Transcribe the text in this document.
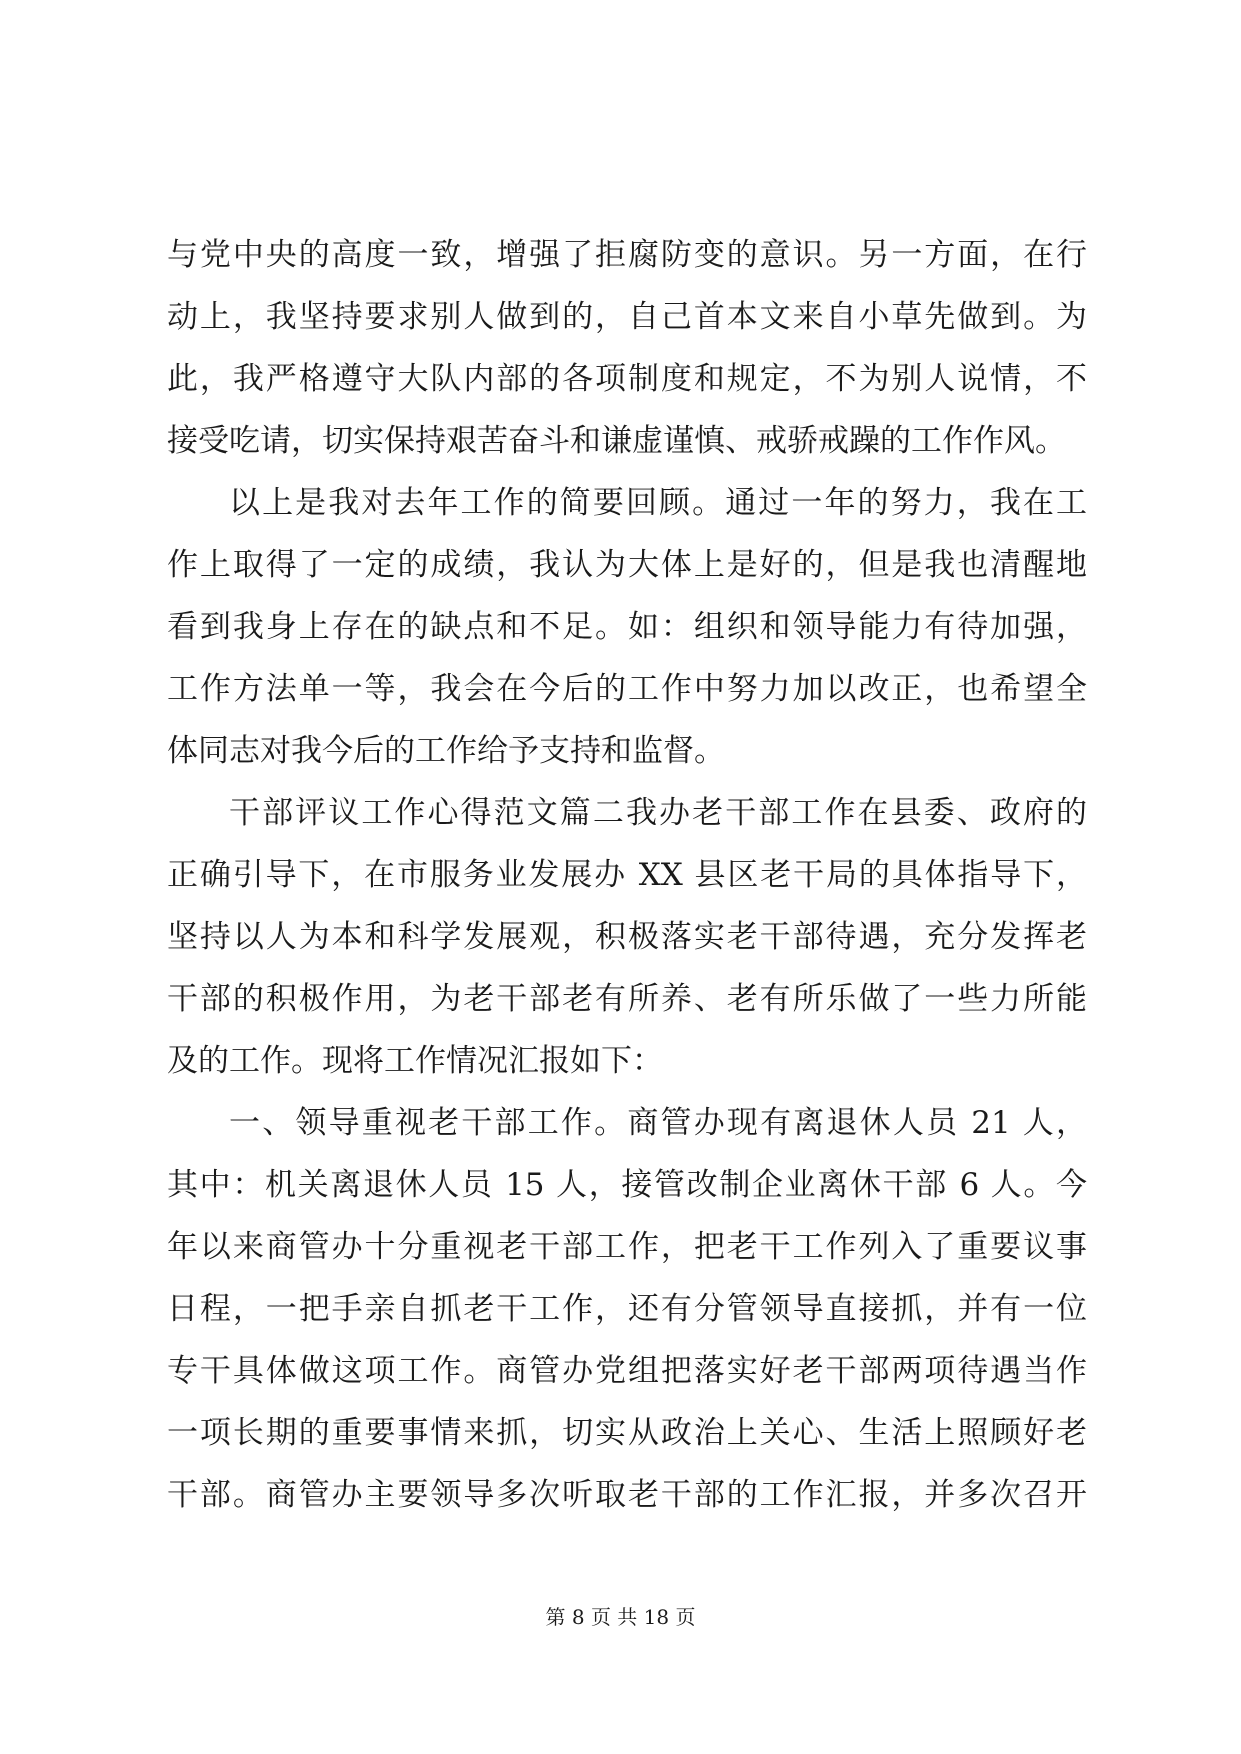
与党中央的高度一致，增强了拒腐防变的意识。另一方面，在行
动上，我坚持要求别人做到的，自己首本文来自小草先做到。为
此，我严格遵守大队内部的各项制度和规定，不为别人说情，不
接受吃请，切实保持艰苦奋斗和谦虚谨慎、戒骄戒躁的工作作风。
以上是我对去年工作的简要回顾。通过一年的努力，我在工
作上取得了一定的成绩，我认为大体上是好的，但是我也清醒地
看到我身上存在的缺点和不足。如：组织和领导能力有待加强，
工作方法单一等，我会在今后的工作中努力加以改正，也希望全
体同志对我今后的工作给予支持和监督。
干部评议工作心得范文篇二我办老干部工作在县委、政府的
正确引导下，在市服务业发展办 XX 县区老干局的具体指导下，
坚持以人为本和科学发展观，积极落实老干部待遇，充分发挥老
干部的积极作用，为老干部老有所养、老有所乐做了一些力所能
及的工作。现将工作情况汇报如下：
一、领导重视老干部工作。商管办现有离退休人员 21 人，
其中：机关离退休人员 15 人，接管改制企业离休干部 6 人。今
年以来商管办十分重视老干部工作，把老干工作列入了重要议事
日程，一把手亲自抓老干工作，还有分管领导直接抓，并有一位
专干具体做这项工作。商管办党组把落实好老干部两项待遇当作
一项长期的重要事情来抓，切实从政治上关心、生活上照顾好老
干部。商管办主要领导多次听取老干部的工作汇报，并多次召开
第 8 页 共 18 页
